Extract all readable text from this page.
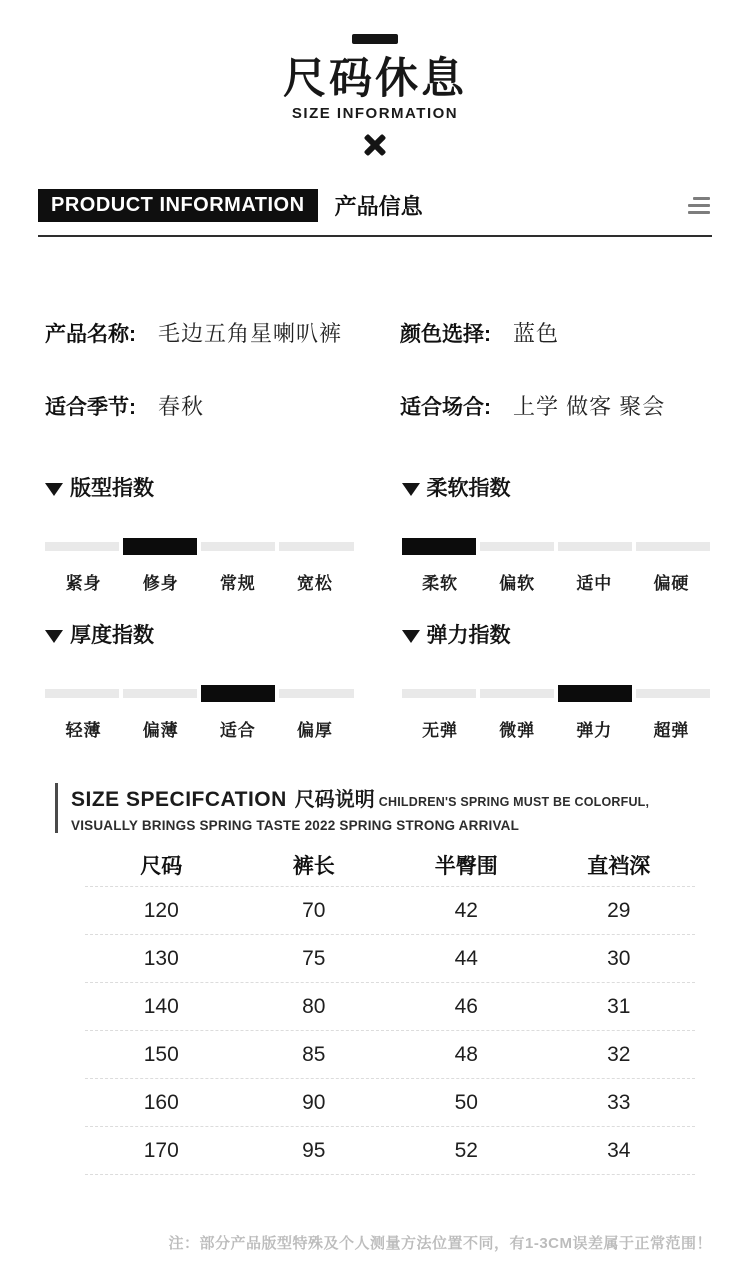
尺码休息
SIZE INFORMATION
PRODUCT INFORMATION	产品信息
产品名称: 毛边五角星喇叭裤	颜色选择: 蓝色
适合季节: 春秋	适合场合: 上学 做客 聚会
版型指数
紧身	修身	常规	宽松
柔软指数
柔软	偏软	适中	偏硬
厚度指数
轻薄	偏薄	适合	偏厚
弹力指数
无弹	微弹	弹力	超弹
SIZE SPECIFCATION 尺码说明 CHILDREN'S SPRING MUST BE COLORFUL,
VISUALLY BRINGS SPRING TASTE 2022 SPRING STRONG ARRIVAL
尺码	裤长	半臀围	直裆深
120	70	42	29
130	75	44	30
140	80	46	31
150	85	48	32
160	90	50	33
170	95	52	34
注：部分产品版型特殊及个人测量方法位置不同，有1-3CM误差属于正常范围！
